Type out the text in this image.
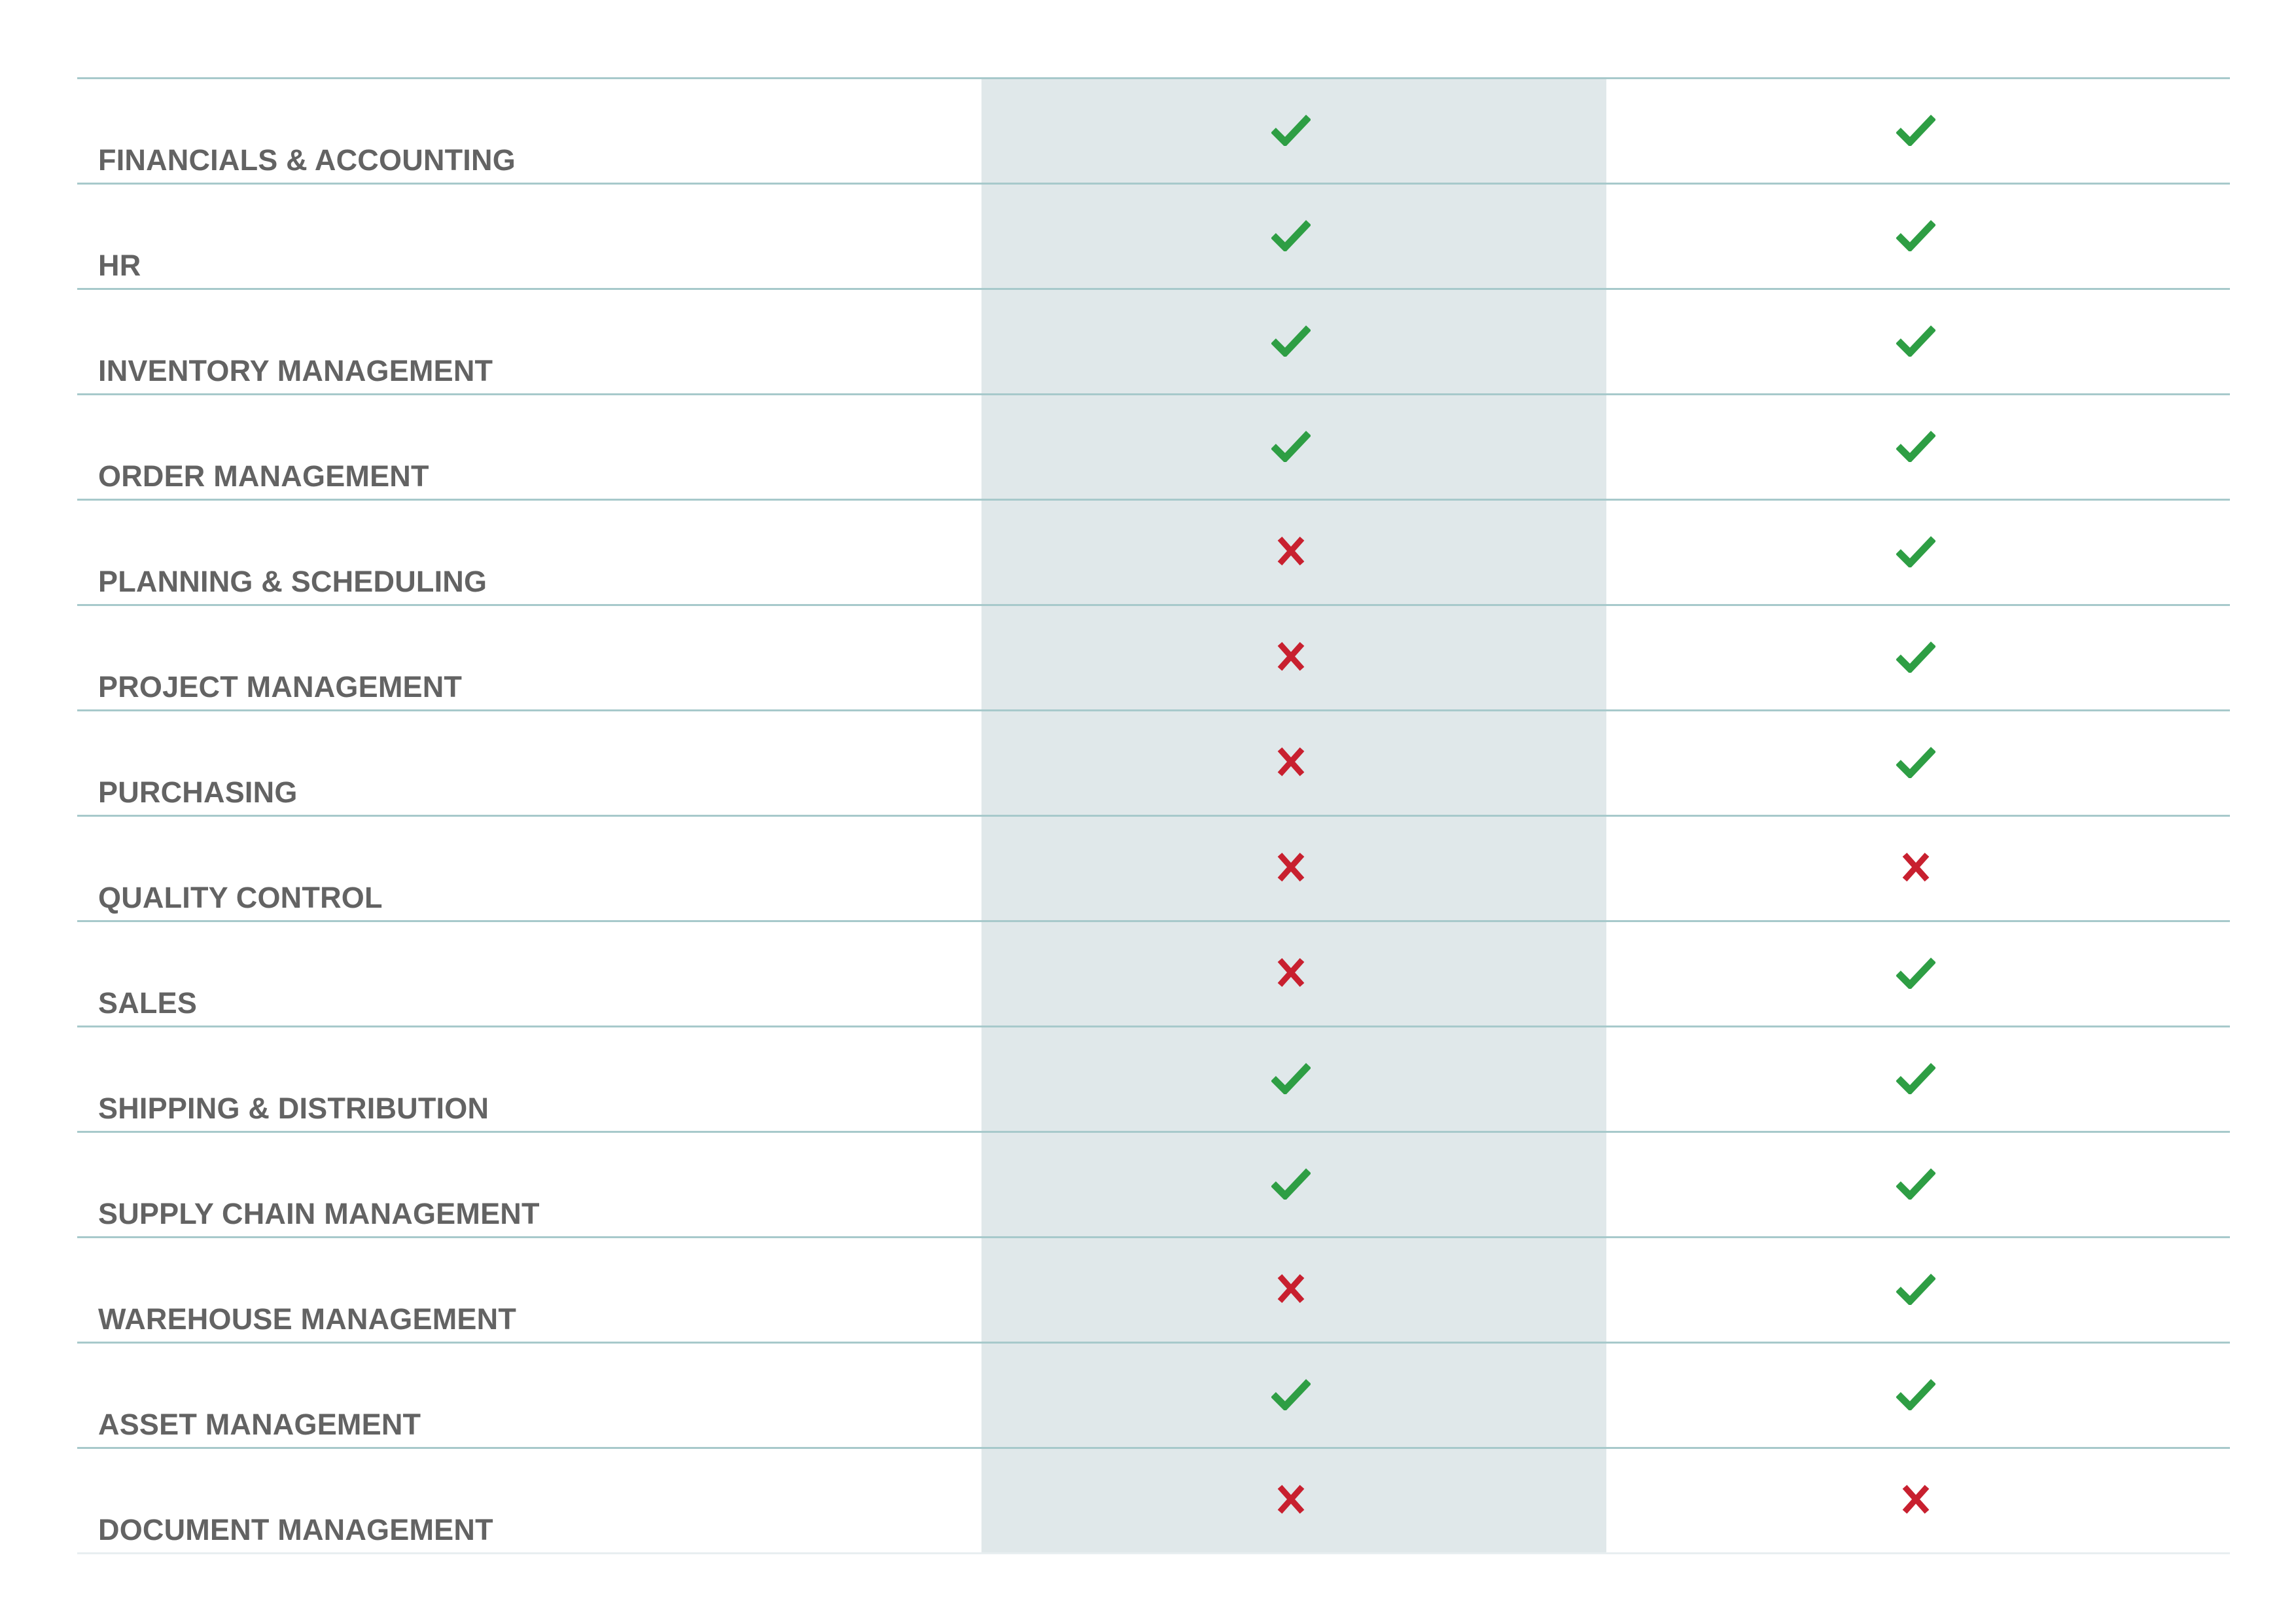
FINANCIALS & ACCOUNTING
HR
INVENTORY MANAGEMENT
ORDER MANAGEMENT
PLANNING & SCHEDULING
PROJECT MANAGEMENT
PURCHASING
QUALITY CONTROL
SALES
SHIPPING & DISTRIBUTION
SUPPLY CHAIN MANAGEMENT
WAREHOUSE MANAGEMENT
ASSET MANAGEMENT
DOCUMENT MANAGEMENT
